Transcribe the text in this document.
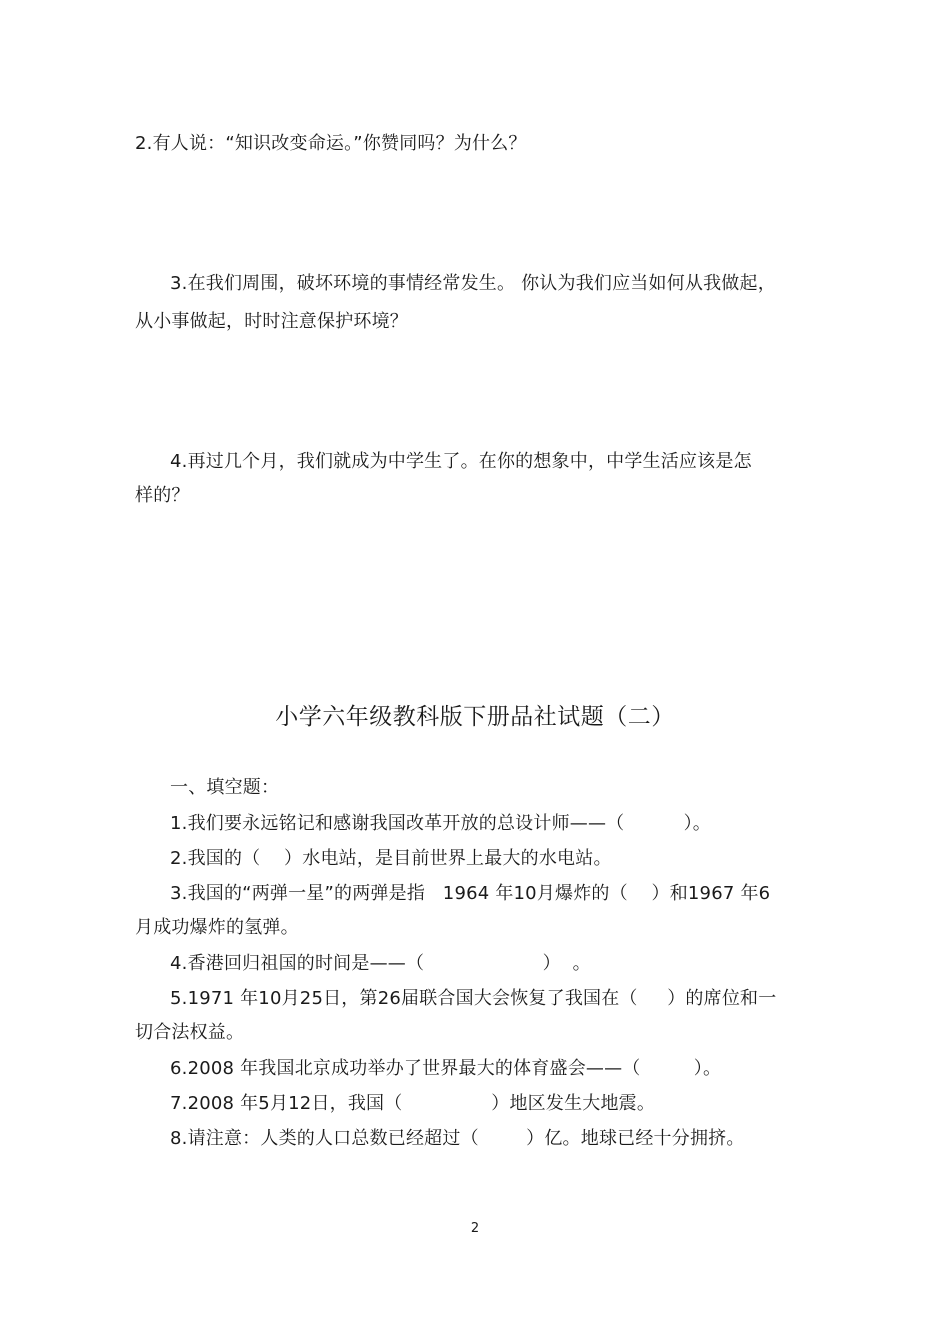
2.有人说：“知识改变命运。”你赞同吗？为什么？
3.在我们周围，破坏环境的事情经常发生。 你认为我们应当如何从我做起，
从小事做起，时时注意保护环境？
4.再过几个月，我们就成为中学生了。在你的想象中，中学生活应该是怎
样的？
小学六年级教科版下册品社试题（二）
一、填空题：
1.我们要永远铭记和感谢我国改革开放的总设计师——（          ）。
2.我国的（    ）水电站，是目前世界上最大的水电站。
3.我国的“两弹一星”的两弹是指   1964 年10月爆炸的（    ）和1967 年6
月成功爆炸的氢弹。
4.香港回归祖国的时间是——（                    ）  。
5.1971 年10月25日，第26届联合国大会恢复了我国在（     ）的席位和一
切合法权益。
6.2008 年我国北京成功举办了世界最大的体育盛会——（         ）。
7.2008 年5月12日，我国（               ）地区发生大地震。
8.请注意：人类的人口总数已经超过（        ）亿。地球已经十分拥挤。
2
